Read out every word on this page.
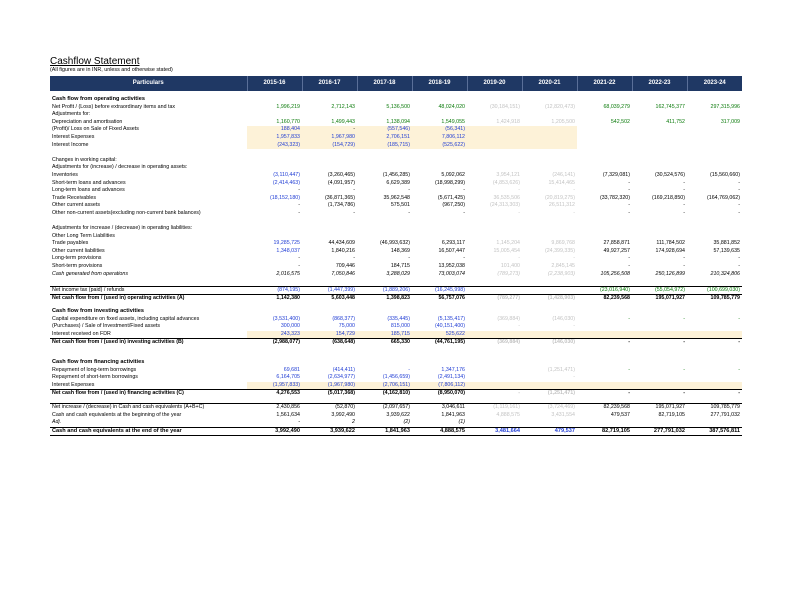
Cashflow Statement
(All figures are in INR, unless and otherwise stated)
Particulars	2015-16	2016-17	2017-18	2018-19	2019-20	2020-21	2021-22	2022-23	2023-24

Cash flow from operating activities									
Net Profit / (Loss) before extraordinary items and tax	1,996,219	2,712,143	5,136,500	48,024,020	(30,184,151)	(12,820,473)	68,039,279	162,745,377	297,315,996
Adjustments for:									
Depreciation and amortisation	1,160,770	1,499,443	1,138,094	1,549,055	1,424,918	1,205,500	542,502	411,752	317,009
(Profit)/ Loss on Sale of Fixed Assets	188,404	-	(557,546)	(56,341)					
Interest Expenses	1,957,833	1,967,980	2,706,151	7,806,112					
Interest Income	(243,323)	(154,729)	(185,715)	(525,622)					

Changes in working capital:									
Adjustments for (increase) / decrease in operating assets:									
Inventories	(3,110,447)	(3,260,465)	(1,456,285)	5,092,062	3,954,121	(246,141)	(7,329,081)	(30,524,576)	(15,560,660)
Short-term loans and advances	(2,414,463)	(4,091,957)	6,629,389	(18,998,299)	(4,853,626)	15,414,465	-	-	-
Long-term loans and advances	-	-	-	-	-	-	-	-	-
Trade Receivables	(18,152,180)	(36,871,365)	35,962,548	(5,671,425)	36,535,506	(20,819,275)	(33,782,320)	(169,218,850)	(164,769,062)
Other current assets	-	(1,734,786)	575,501	(967,250)	(24,313,303)	26,511,312	-	-	-
Other non-current assets(excluding non-current bank balances)	-	-	-	-	-	-	-	-	-

Adjustments for increase / (decrease) in operating liabilities:									
Other Long Term Liabilities									
Trade payables	19,285,725	44,434,609	(46,993,632)	6,293,117	1,145,204	9,869,768	27,858,871	111,784,502	35,881,852
Other current liabilities	1,348,037	1,840,216	148,369	16,507,447	15,005,454	(24,399,335)	49,927,257	174,928,694	57,139,635
Long-term provisions	-	-	-	-	-	-	-	-	-
Short-term provisions	-	709,446	184,715	13,952,038	101,400	2,845,145	-	-	-
Cash generated from operations	2,016,575	7,050,846	3,288,029	73,003,074	(789,273)	(2,238,903)	105,256,508	250,126,899	210,324,806

Net income tax (paid) / refunds	(874,195)	(1,447,399)	(1,889,206)	(16,245,998)			(23,016,940)	(55,054,972)	(100,699,030)
Net cash flow from / (used in) operating activities (A)	1,142,380	5,603,448	1,398,823	56,757,076	(789,277)	(1,428,903)	82,239,568	195,071,927	109,785,779

Cash flow from investing activities									
Capital expenditure on fixed assets, including capital advances	(3,531,400)	(868,377)	(335,445)	(5,135,417)	(369,884)	(146,030)	-	-	-
(Purchases) / Sale of Investment/Fixed assets	300,000	75,000	815,000	(40,151,400)	-	-			
Interest received on FDR	243,323	154,729	185,715	525,622					
Net cash flow from / (used in) investing activities (B)	(2,988,077)	(638,648)	665,330	(44,761,195)	(369,884)	(146,030)	-	-	-

Cash flow from financing activities									
Repayment of long-term borrowings	69,681	(414,411)	-	1,347,176		(1,251,471)	-	-	-
Repayment of short-term borrowings	6,164,705	(2,634,977)	(1,456,659)	(2,491,134)		-			
Interest Expenses	(1,957,833)	(1,967,980)	(2,706,151)	(7,806,112)					
Net cash flow from / (used in) financing activities (C)	4,276,553	(5,017,368)	(4,162,810)	(8,950,070)	-	(1,251,471)	-	-	-

Net increase / (decrease) in Cash and cash equivalents (A+B+C)	2,430,856	(52,870)	(2,097,657)	3,046,611	(1,119,161)	(3,724,469)	82,239,568	195,071,927	109,785,779
Cash and cash equivalents at the beginning of the year	1,561,634	3,992,490	3,939,622	1,841,963	4,888,575	3,431,554	479,537	82,719,105	277,791,032
Adj.	-	2	(2)	(1)					
Cash and cash equivalents at the end of the year	3,992,490	3,939,622	1,841,963	4,888,575	3,481,664	479,537	82,719,105	277,791,032	387,576,811
